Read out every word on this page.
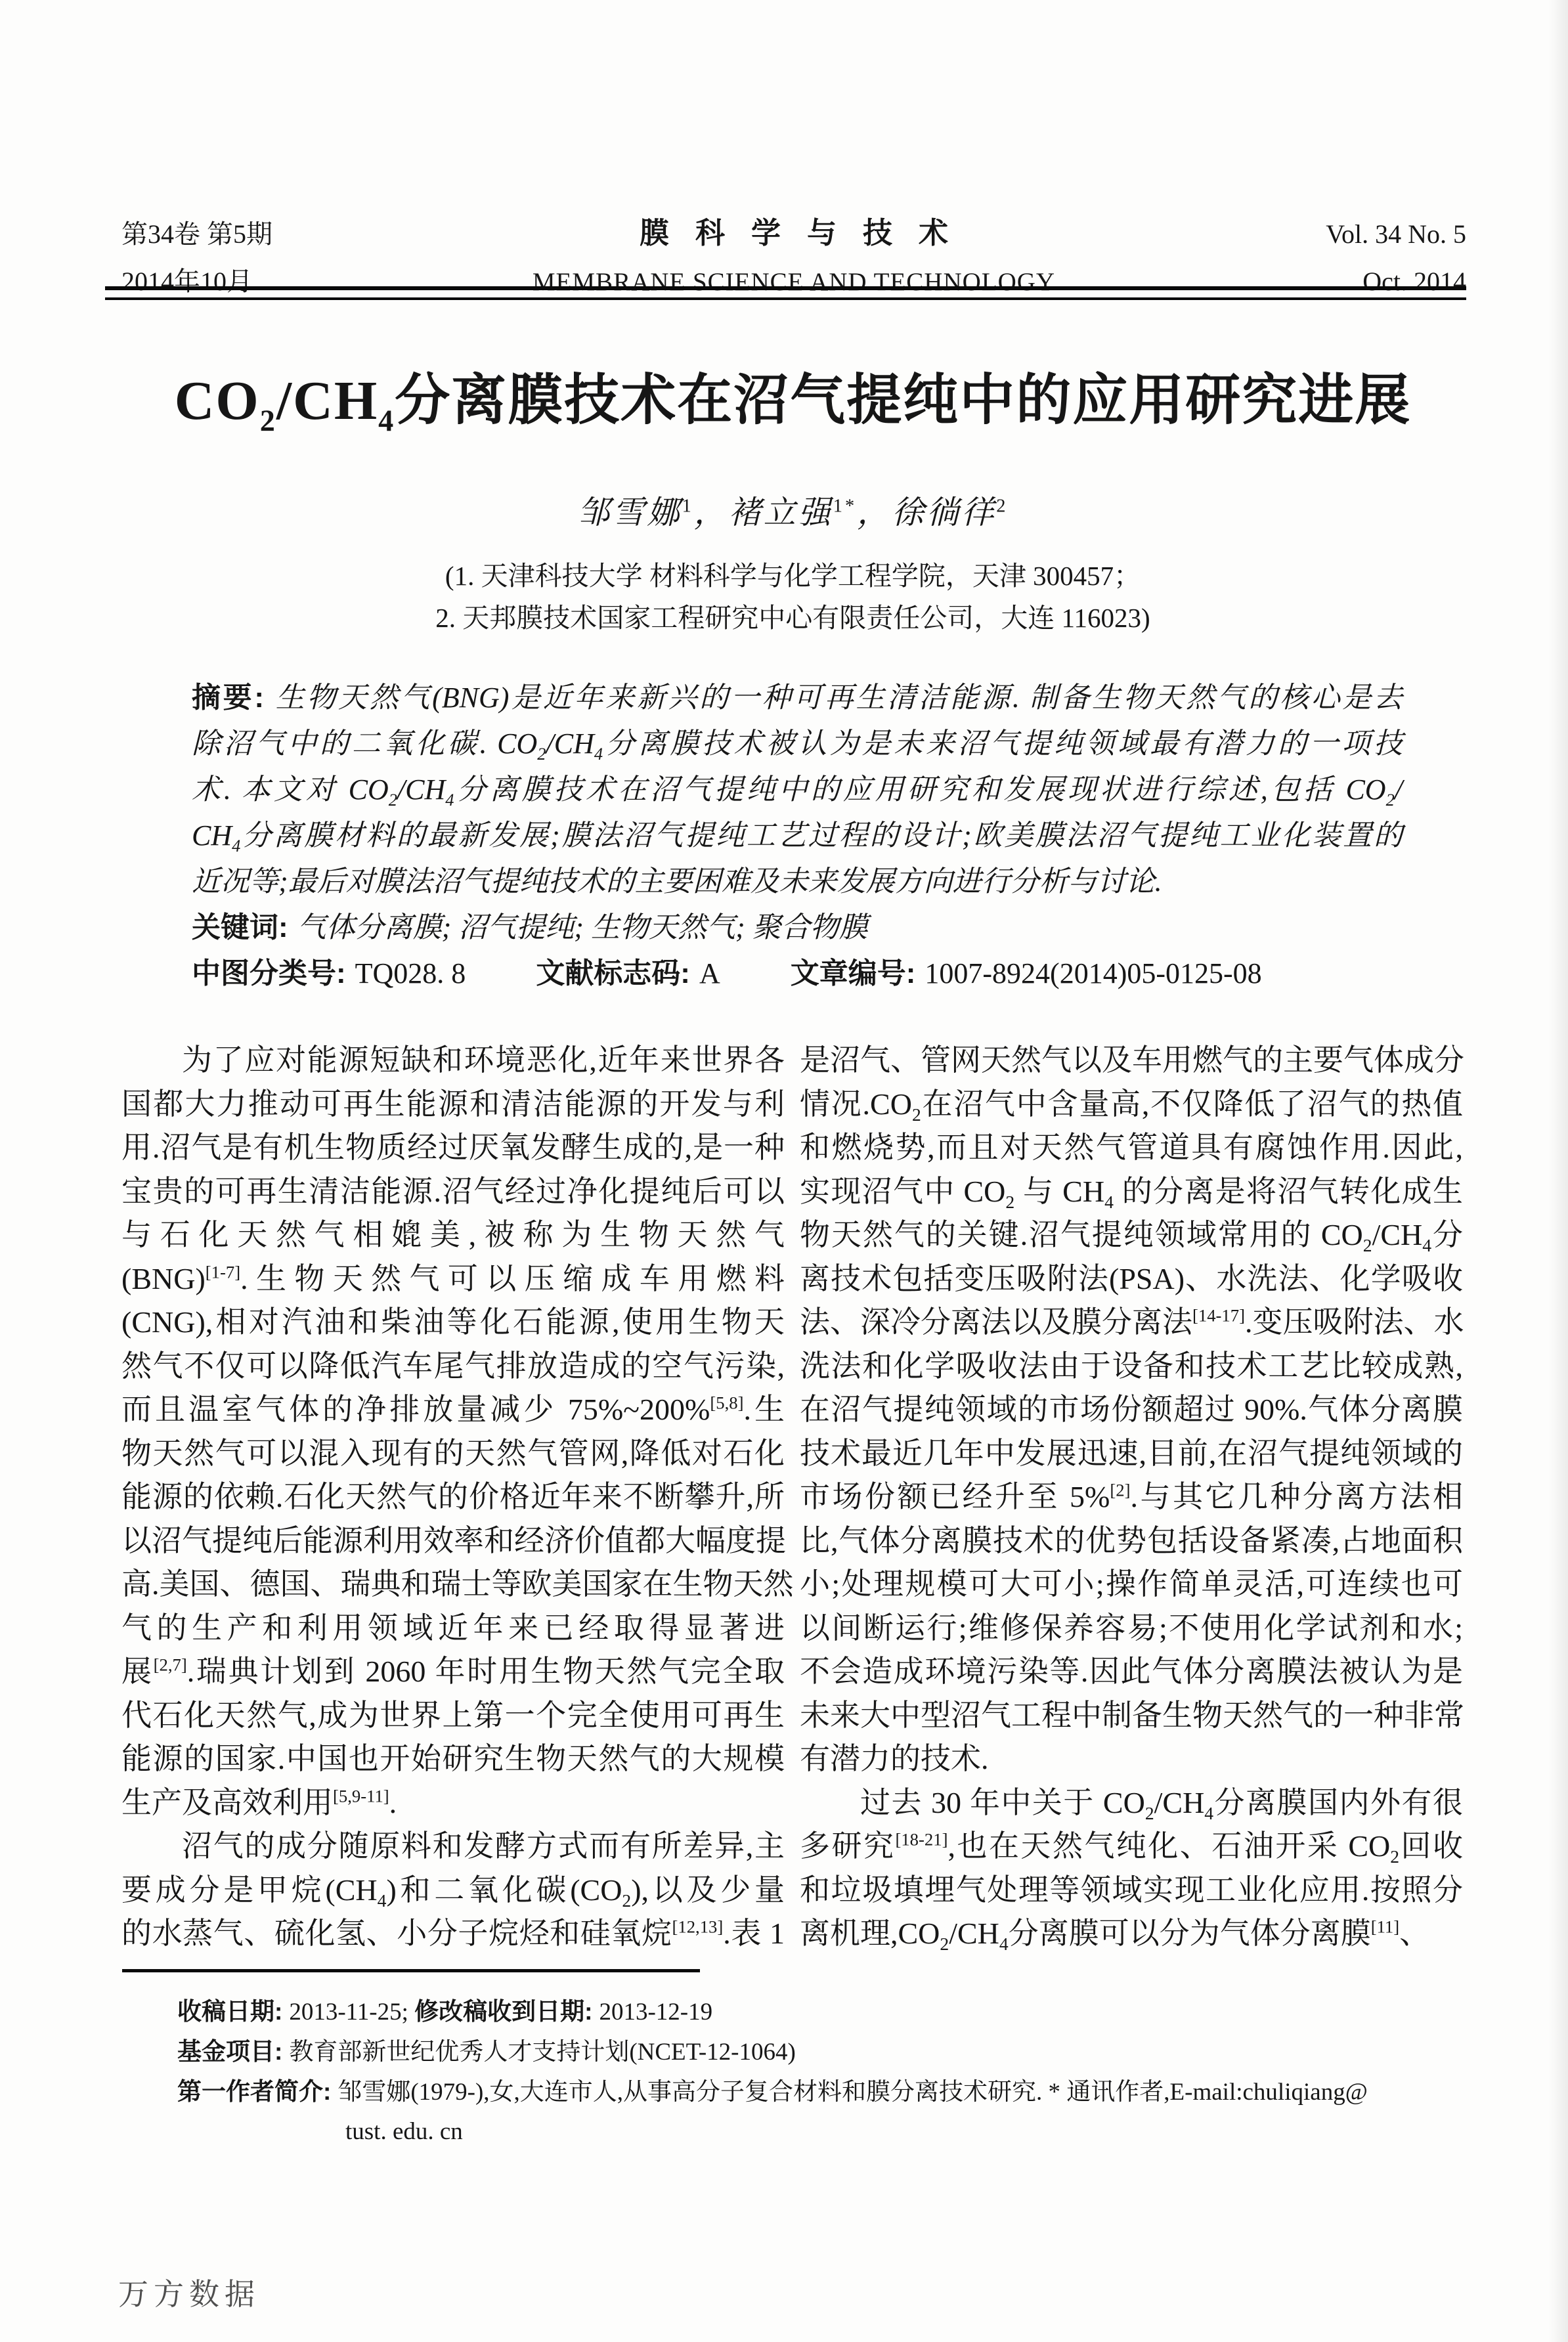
第34卷 第5期	膜科学与技术	Vol. 34 No. 5
2014年10月	MEMBRANE SCIENCE AND TECHNOLOGY	Oct. 2014
$CO_2/CH_4$分离膜技术在沼气提纯中的应用研究进展
邹雪娜$^1$，褚立强$^{1*}$，徐徜徉$^2$
(1. 天津科技大学 材料科学与化学工程学院，天津 300457；
2. 天邦膜技术国家工程研究中心有限责任公司，大连 116023)
摘要: 生物天然气(BNG)是近年来新兴的一种可再生清洁能源. 制备生物天然气的核心是去
除沼气中的二氧化碳. $CO_2/CH_4$分离膜技术被认为是未来沼气提纯领域最有潜力的一项技
术. 本文对 $CO_2/CH_4$分离膜技术在沼气提纯中的应用研究和发展现状进行综述,包括 $CO_2/$
$CH_4$分离膜材料的最新发展;膜法沼气提纯工艺过程的设计;欧美膜法沼气提纯工业化装置的
近况等;最后对膜法沼气提纯技术的主要困难及未来发展方向进行分析与讨论.
关键词: 气体分离膜; 沼气提纯; 生物天然气; 聚合物膜
中图分类号: TQ028. 8 文献标志码: A 文章编号: 1007-8924(2014)05-0125-08
为了应对能源短缺和环境恶化,近年来世界各
国都大力推动可再生能源和清洁能源的开发与利
用.沼气是有机生物质经过厌氧发酵生成的,是一种
宝贵的可再生清洁能源.沼气经过净化提纯后可以
与石化天然气相媲美,被称为生物天然气
(BNG)[1-7].生物天然气可以压缩成车用燃料
(CNG),相对汽油和柴油等化石能源,使用生物天
然气不仅可以降低汽车尾气排放造成的空气污染,
而且温室气体的净排放量减少 75%~200%[5,8].生
物天然气可以混入现有的天然气管网,降低对石化
能源的依赖.石化天然气的价格近年来不断攀升,所
以沼气提纯后能源利用效率和经济价值都大幅度提
高.美国、德国、瑞典和瑞士等欧美国家在生物天然
气的生产和利用领域近年来已经取得显著进
展[2,7].瑞典计划到 2060 年时用生物天然气完全取
代石化天然气,成为世界上第一个完全使用可再生
能源的国家.中国也开始研究生物天然气的大规模
生产及高效利用[5,9-11].
沼气的成分随原料和发酵方式而有所差异,主
要成分是甲烷$(CH_4)$和二氧化碳$(CO_2)$,以及少量
的水蒸气、硫化氢、小分子烷烃和硅氧烷[12,13].表 1
是沼气、管网天然气以及车用燃气的主要气体成分
情况$.CO_2$在沼气中含量高,不仅降低了沼气的热值
和燃烧势,而且对天然气管道具有腐蚀作用.因此,
实现沼气中 $CO_2$ 与 $CH_4$ 的分离是将沼气转化成生
物天然气的关键.沼气提纯领域常用的 $CO_2/CH_4$分
离技术包括变压吸附法(PSA)、水洗法、化学吸收
法、深冷分离法以及膜分离法[14-17].变压吸附法、水
洗法和化学吸收法由于设备和技术工艺比较成熟,
在沼气提纯领域的市场份额超过 90%.气体分离膜
技术最近几年中发展迅速,目前,在沼气提纯领域的
市场份额已经升至 5%[2].与其它几种分离方法相
比,气体分离膜技术的优势包括设备紧凑,占地面积
小;处理规模可大可小;操作简单灵活,可连续也可
以间断运行;维修保养容易;不使用化学试剂和水;
不会造成环境污染等.因此气体分离膜法被认为是
未来大中型沼气工程中制备生物天然气的一种非常
有潜力的技术.
过去 30 年中关于 $CO_2/CH_4$分离膜国内外有很
多研究[18-21],也在天然气纯化、石油开采 $CO_2$回收
和垃圾填埋气处理等领域实现工业化应用.按照分
离机理$,CO_2/CH_4$分离膜可以分为气体分离膜[11]、
收稿日期: 2013-11-25; 修改稿收到日期: 2013-12-19
基金项目: 教育部新世纪优秀人才支持计划(NCET-12-1064)
第一作者简介: 邹雪娜(1979-),女,大连市人,从事高分子复合材料和膜分离技术研究. * 通讯作者,E-mail:chuliqiang@
tust. edu. cn
万方数据
